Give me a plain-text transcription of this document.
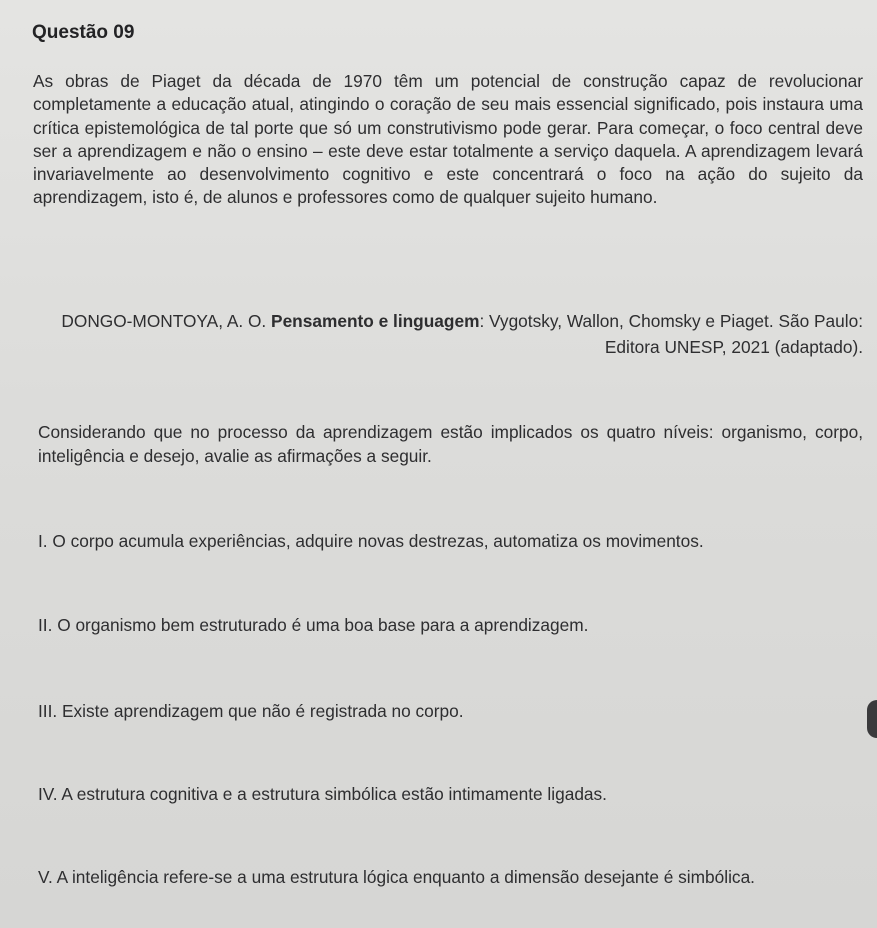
Questão 09
As obras de Piaget da década de 1970 têm um potencial de construção capaz de revolucionar completamente a educação atual, atingindo o coração de seu mais essencial significado, pois instaura uma crítica epistemológica de tal porte que só um construtivismo pode gerar. Para começar, o foco central deve ser a aprendizagem e não o ensino – este deve estar totalmente a serviço daquela. A aprendizagem levará invariavelmente ao desenvolvimento cognitivo e este concentrará o foco na ação do sujeito da aprendizagem, isto é, de alunos e professores como de qualquer sujeito humano.
DONGO-MONTOYA, A. O. Pensamento e linguagem: Vygotsky, Wallon, Chomsky e Piaget. São Paulo: Editora UNESP, 2021 (adaptado).
Considerando que no processo da aprendizagem estão implicados os quatro níveis: organismo, corpo, inteligência e desejo, avalie as afirmações a seguir.
I. O corpo acumula experiências, adquire novas destrezas, automatiza os movimentos.
II. O organismo bem estruturado é uma boa base para a aprendizagem.
III. Existe aprendizagem que não é registrada no corpo.
IV. A estrutura cognitiva e a estrutura simbólica estão intimamente ligadas.
V. A inteligência refere-se a uma estrutura lógica enquanto a dimensão desejante é simbólica.
